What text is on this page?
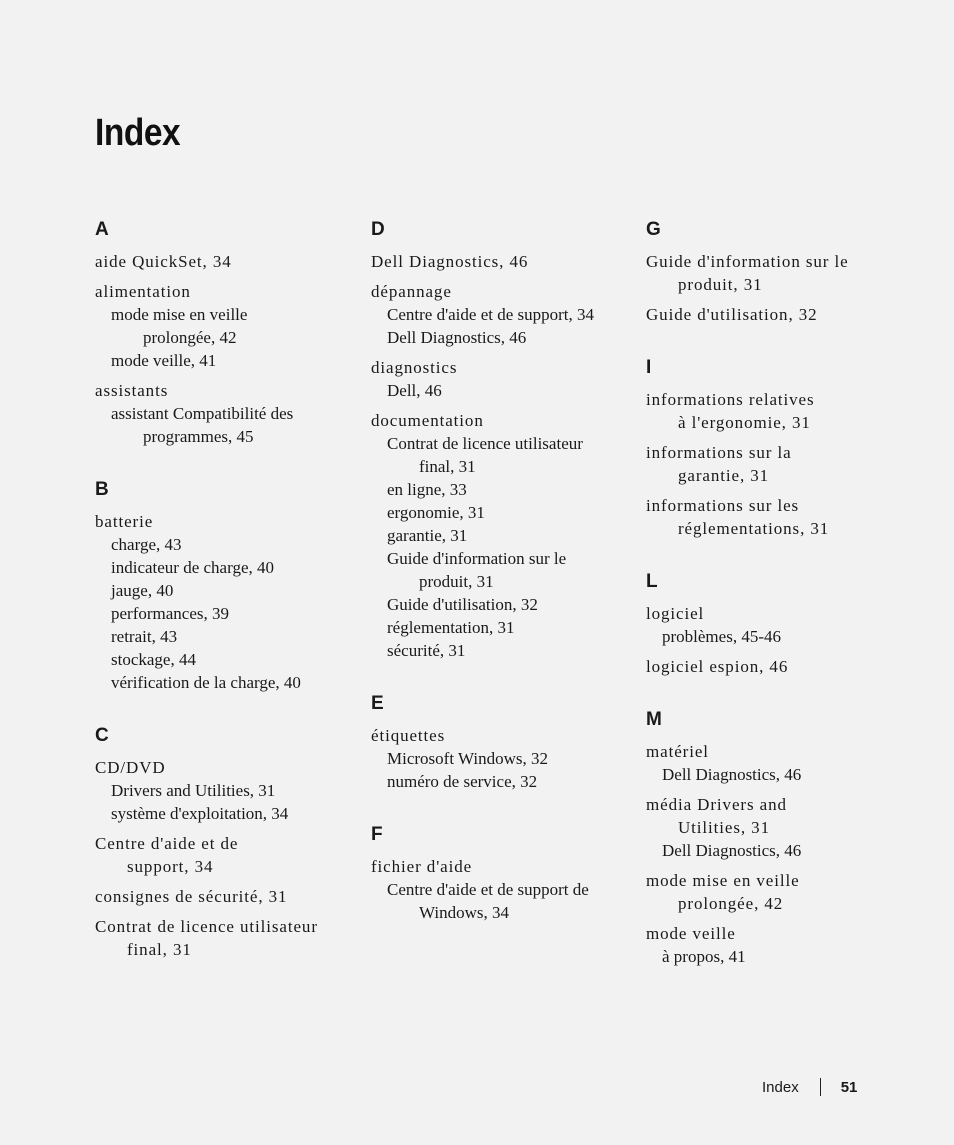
Index
A
aide QuickSet, 34
alimentation
mode mise en veille
prolongée, 42
mode veille, 41
assistants
assistant Compatibilité des
programmes, 45
B
batterie
charge, 43
indicateur de charge, 40
jauge, 40
performances, 39
retrait, 43
stockage, 44
vérification de la charge, 40
C
CD/DVD
Drivers and Utilities, 31
système d'exploitation, 34
Centre d'aide et de
support, 34
consignes de sécurité, 31
Contrat de licence utilisateur
final, 31
D
Dell Diagnostics, 46
dépannage
Centre d'aide et de support, 34
Dell Diagnostics, 46
diagnostics
Dell, 46
documentation
Contrat de licence utilisateur
final, 31
en ligne, 33
ergonomie, 31
garantie, 31
Guide d'information sur le
produit, 31
Guide d'utilisation, 32
réglementation, 31
sécurité, 31
E
étiquettes
Microsoft Windows, 32
numéro de service, 32
F
fichier d'aide
Centre d'aide et de support de
Windows, 34
G
Guide d'information sur le
produit, 31
Guide d'utilisation, 32
I
informations relatives
à l'ergonomie, 31
informations sur la
garantie, 31
informations sur les
réglementations, 31
L
logiciel
problèmes, 45-46
logiciel espion, 46
M
matériel
Dell Diagnostics, 46
média Drivers and
Utilities, 31
Dell Diagnostics, 46
mode mise en veille
prolongée, 42
mode veille
à propos, 41
Index	51
